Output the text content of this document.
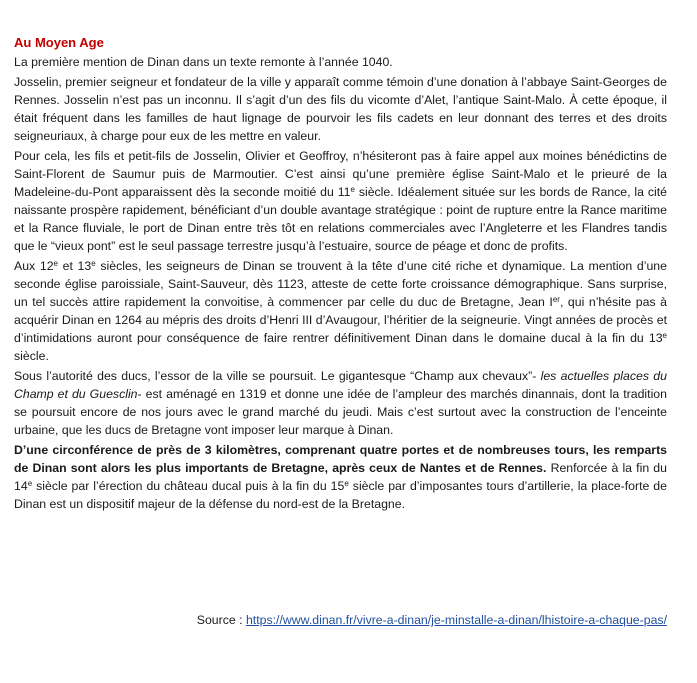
Au Moyen Age

La première mention de Dinan dans un texte remonte à l’année 1040.

Josselin, premier seigneur et fondateur de la ville y apparaît comme témoin d’une donation à l’abbaye Saint-Georges de Rennes. Josselin n’est pas un inconnu. Il s’agit d’un des fils du vicomte d’Alet, l’antique Saint-Malo. À cette époque, il était fréquent dans les familles de haut lignage de pourvoir les fils cadets en leur donnant des terres et des droits seigneuriaux, à charge pour eux de les mettre en valeur.

Pour cela, les fils et petit-fils de Josselin, Olivier et Geoffroy, n’hésiteront pas à faire appel aux moines bénédictins de Saint-Florent de Saumur puis de Marmoutier. C’est ainsi qu’une première église Saint-Malo et le prieuré de la Madeleine-du-Pont apparaissent dès la seconde moitié du 11e siècle. Idéalement située sur les bords de Rance, la cité naissante prospère rapidement, bénéficiant d’un double avantage stratégique : point de rupture entre la Rance maritime et la Rance fluviale, le port de Dinan entre très tôt en relations commerciales avec l’Angleterre et les Flandres tandis que le “vieux pont” est le seul passage terrestre jusqu’à l’estuaire, source de péage et donc de profits.

Aux 12e et 13e siècles, les seigneurs de Dinan se trouvent à la tête d’une cité riche et dynamique. La mention d’une seconde église paroissiale, Saint-Sauveur, dès 1123, atteste de cette forte croissance démographique. Sans surprise, un tel succès attire rapidement la convoitise, à commencer par celle du duc de Bretagne, Jean Ier, qui n’hésite pas à acquérir Dinan en 1264 au mépris des droits d’Henri III d’Avaugour, l’héritier de la seigneurie. Vingt années de procès et d’intimidations auront pour conséquence de faire rentrer définitivement Dinan dans le domaine ducal à la fin du 13e siècle.

Sous l’autorité des ducs, l’essor de la ville se poursuit. Le gigantesque “Champ aux chevaux”- les actuelles places du Champ et du Guesclin- est aménagé en 1319 et donne une idée de l’ampleur des marchés dinannais, dont la tradition se poursuit encore de nos jours avec le grand marché du jeudi. Mais c’est surtout avec la construction de l’enceinte urbaine, que les ducs de Bretagne vont imposer leur marque à Dinan.

D’une circonférence de près de 3 kilomètres, comprenant quatre portes et de nombreuses tours, les remparts de Dinan sont alors les plus importants de Bretagne, après ceux de Nantes et de Rennes. Renforcée à la fin du 14e siècle par l’érection du château ducal puis à la fin du 15e siècle par d’imposantes tours d’artillerie, la place-forte de Dinan est un dispositif majeur de la défense du nord-est de la Bretagne.

Source : https://www.dinan.fr/vivre-a-dinan/je-minstalle-a-dinan/lhistoire-a-chaque-pas/
